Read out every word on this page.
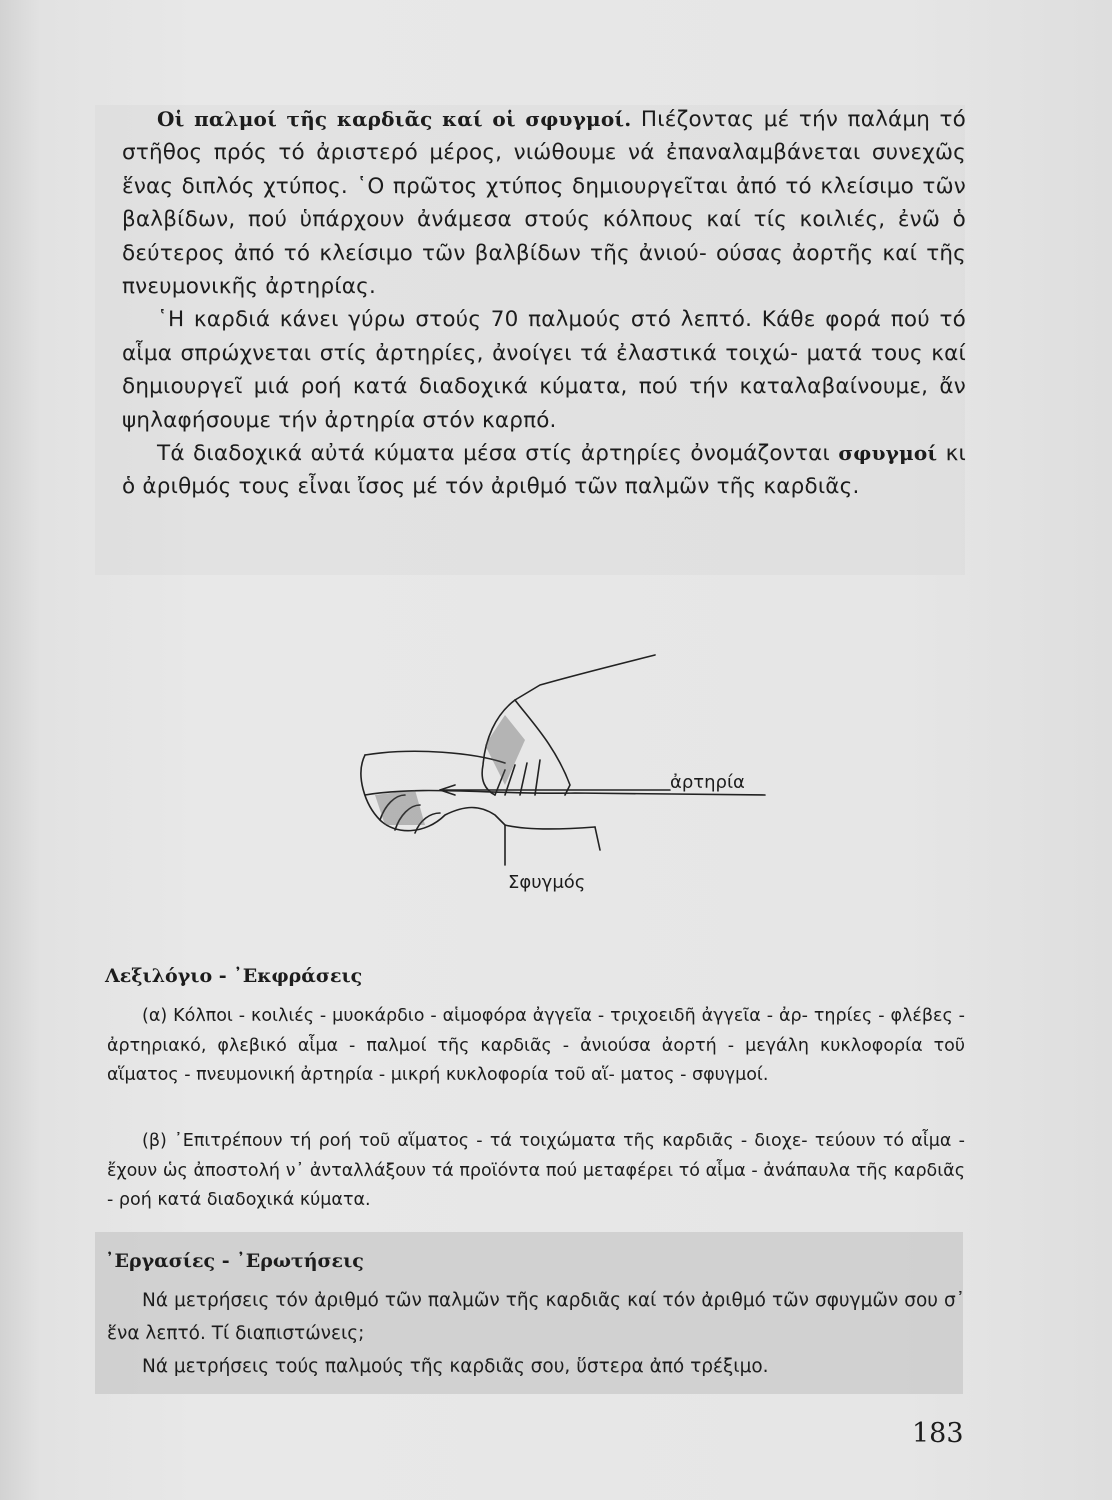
Οἱ παλμοί τῆς καρδιᾶς καί οἱ σφυγμοί. Πιέζοντας μέ τήν παλάμη τό στῆθος πρός τό ἀριστερό μέρος, νιώθουμε νά ἐπαναλαμβάνεται συνεχῶς ἕνας διπλός χτύπος. ῾Ο πρῶτος χτύπος δημιουργεῖται ἀπό τό κλείσιμο τῶν βαλβίδων, πού ὑπάρχουν ἀνάμεσα στούς κόλπους καί τίς κοιλιές, ἐνῶ ὁ δεύτερος ἀπό τό κλείσιμο τῶν βαλβίδων τῆς ἀνιού- ούσας ἀορτῆς καί τῆς πνευμονικῆς ἀρτηρίας.

῾Η καρδιά κάνει γύρω στούς 70 παλμούς στό λεπτό. Κάθε φορά πού τό αἷμα σπρώχνεται στίς ἀρτηρίες, ἀνοίγει τά ἐλαστικά τοιχώ- ματά τους καί δημιουργεῖ μιά ροή κατά διαδοχικά κύματα, πού τήν καταλαβαίνουμε, ἄν ψηλαφήσουμε τήν ἀρτηρία στόν καρπό.

Τά διαδοχικά αὐτά κύματα μέσα στίς ἀρτηρίες ὀνομάζονται σφυγμοί κι ὁ ἀριθμός τους εἶναι ἴσος μέ τόν ἀριθμό τῶν παλμῶν τῆς καρδιᾶς.

ἀρτηρία
Σφυγμός
Λεξιλόγιο - ᾿Εκφράσεις

(α) Κόλποι - κοιλιές - μυοκάρδιο - αἱμοφόρα ἀγγεῖα - τριχοειδῆ ἀγγεῖα - ἀρ- τηρίες - φλέβες - ἀρτηριακό, φλεβικό αἷμα - παλμοί τῆς καρδιᾶς - ἀνιούσα ἀορτή - μεγάλη κυκλοφορία τοῦ αἵματος - πνευμονική ἀρτηρία - μικρή κυκλοφορία τοῦ αἵ- ματος - σφυγμοί.

(β) ᾿Επιτρέπουν τή ροή τοῦ αἵματος - τά τοιχώματα τῆς καρδιᾶς - διοχε- τεύουν τό αἷμα - ἔχουν ὡς ἀποστολή ν᾿ ἀνταλλάξουν τά προϊόντα πού μεταφέρει τό αἷμα - ἀνάπαυλα τῆς καρδιᾶς - ροή κατά διαδοχικά κύματα.

᾿Εργασίες - ᾿Ερωτήσεις

Νά μετρήσεις τόν ἀριθμό τῶν παλμῶν τῆς καρδιᾶς καί τόν ἀριθμό τῶν σφυγμῶν σου σ᾿ ἕνα λεπτό. Τί διαπιστώνεις;

Νά μετρήσεις τούς παλμούς τῆς καρδιᾶς σου, ὕστερα ἀπό τρέξιμο.

183
